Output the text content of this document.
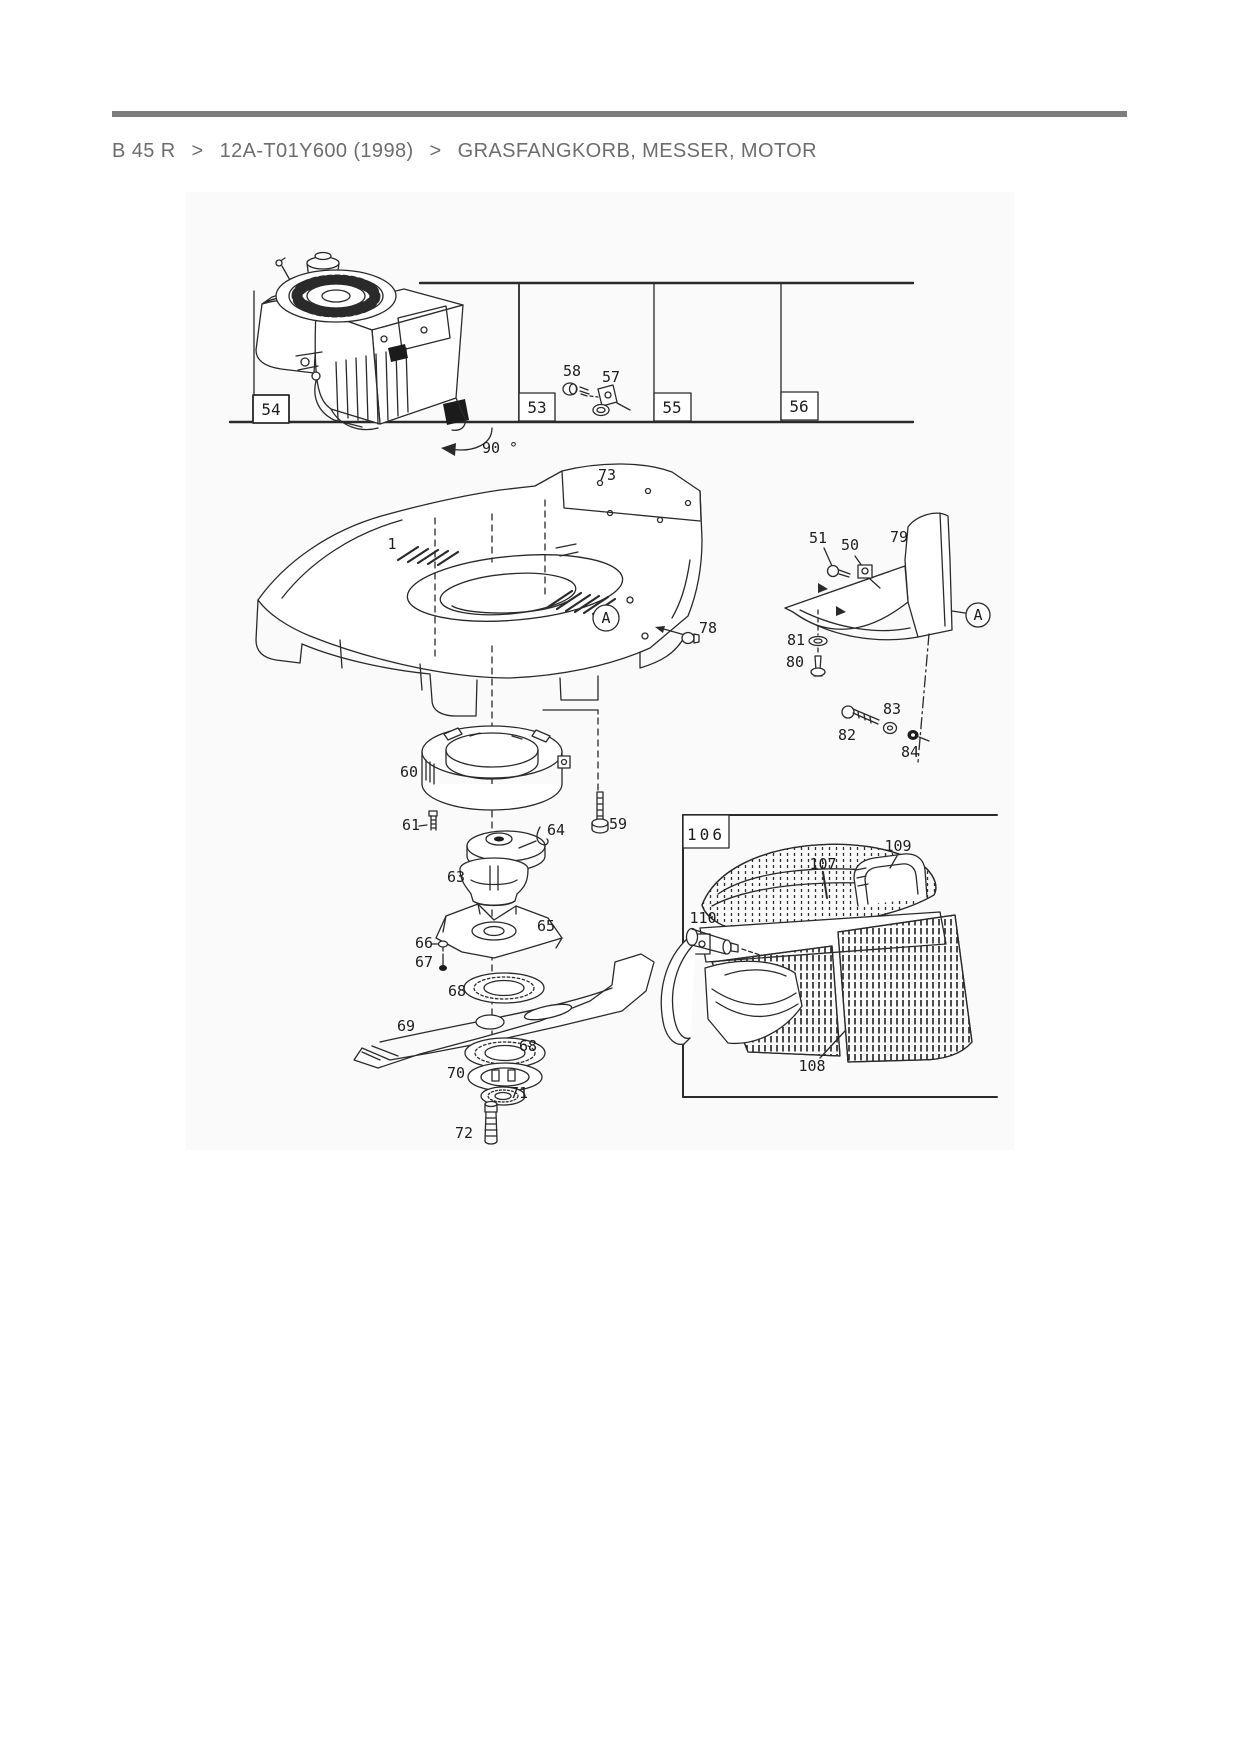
B 45 R > 12A-T01Y600 (1998) > GRASFANGKORB, MESSER, MOTOR
54	53	55	56
58 57
90 °
73
1
A
78
51 50 79
81
80
A
82
83
84
60
61	64	59
63
65
66
67
68
69
68
70
71
72
106
107
109
110
108
